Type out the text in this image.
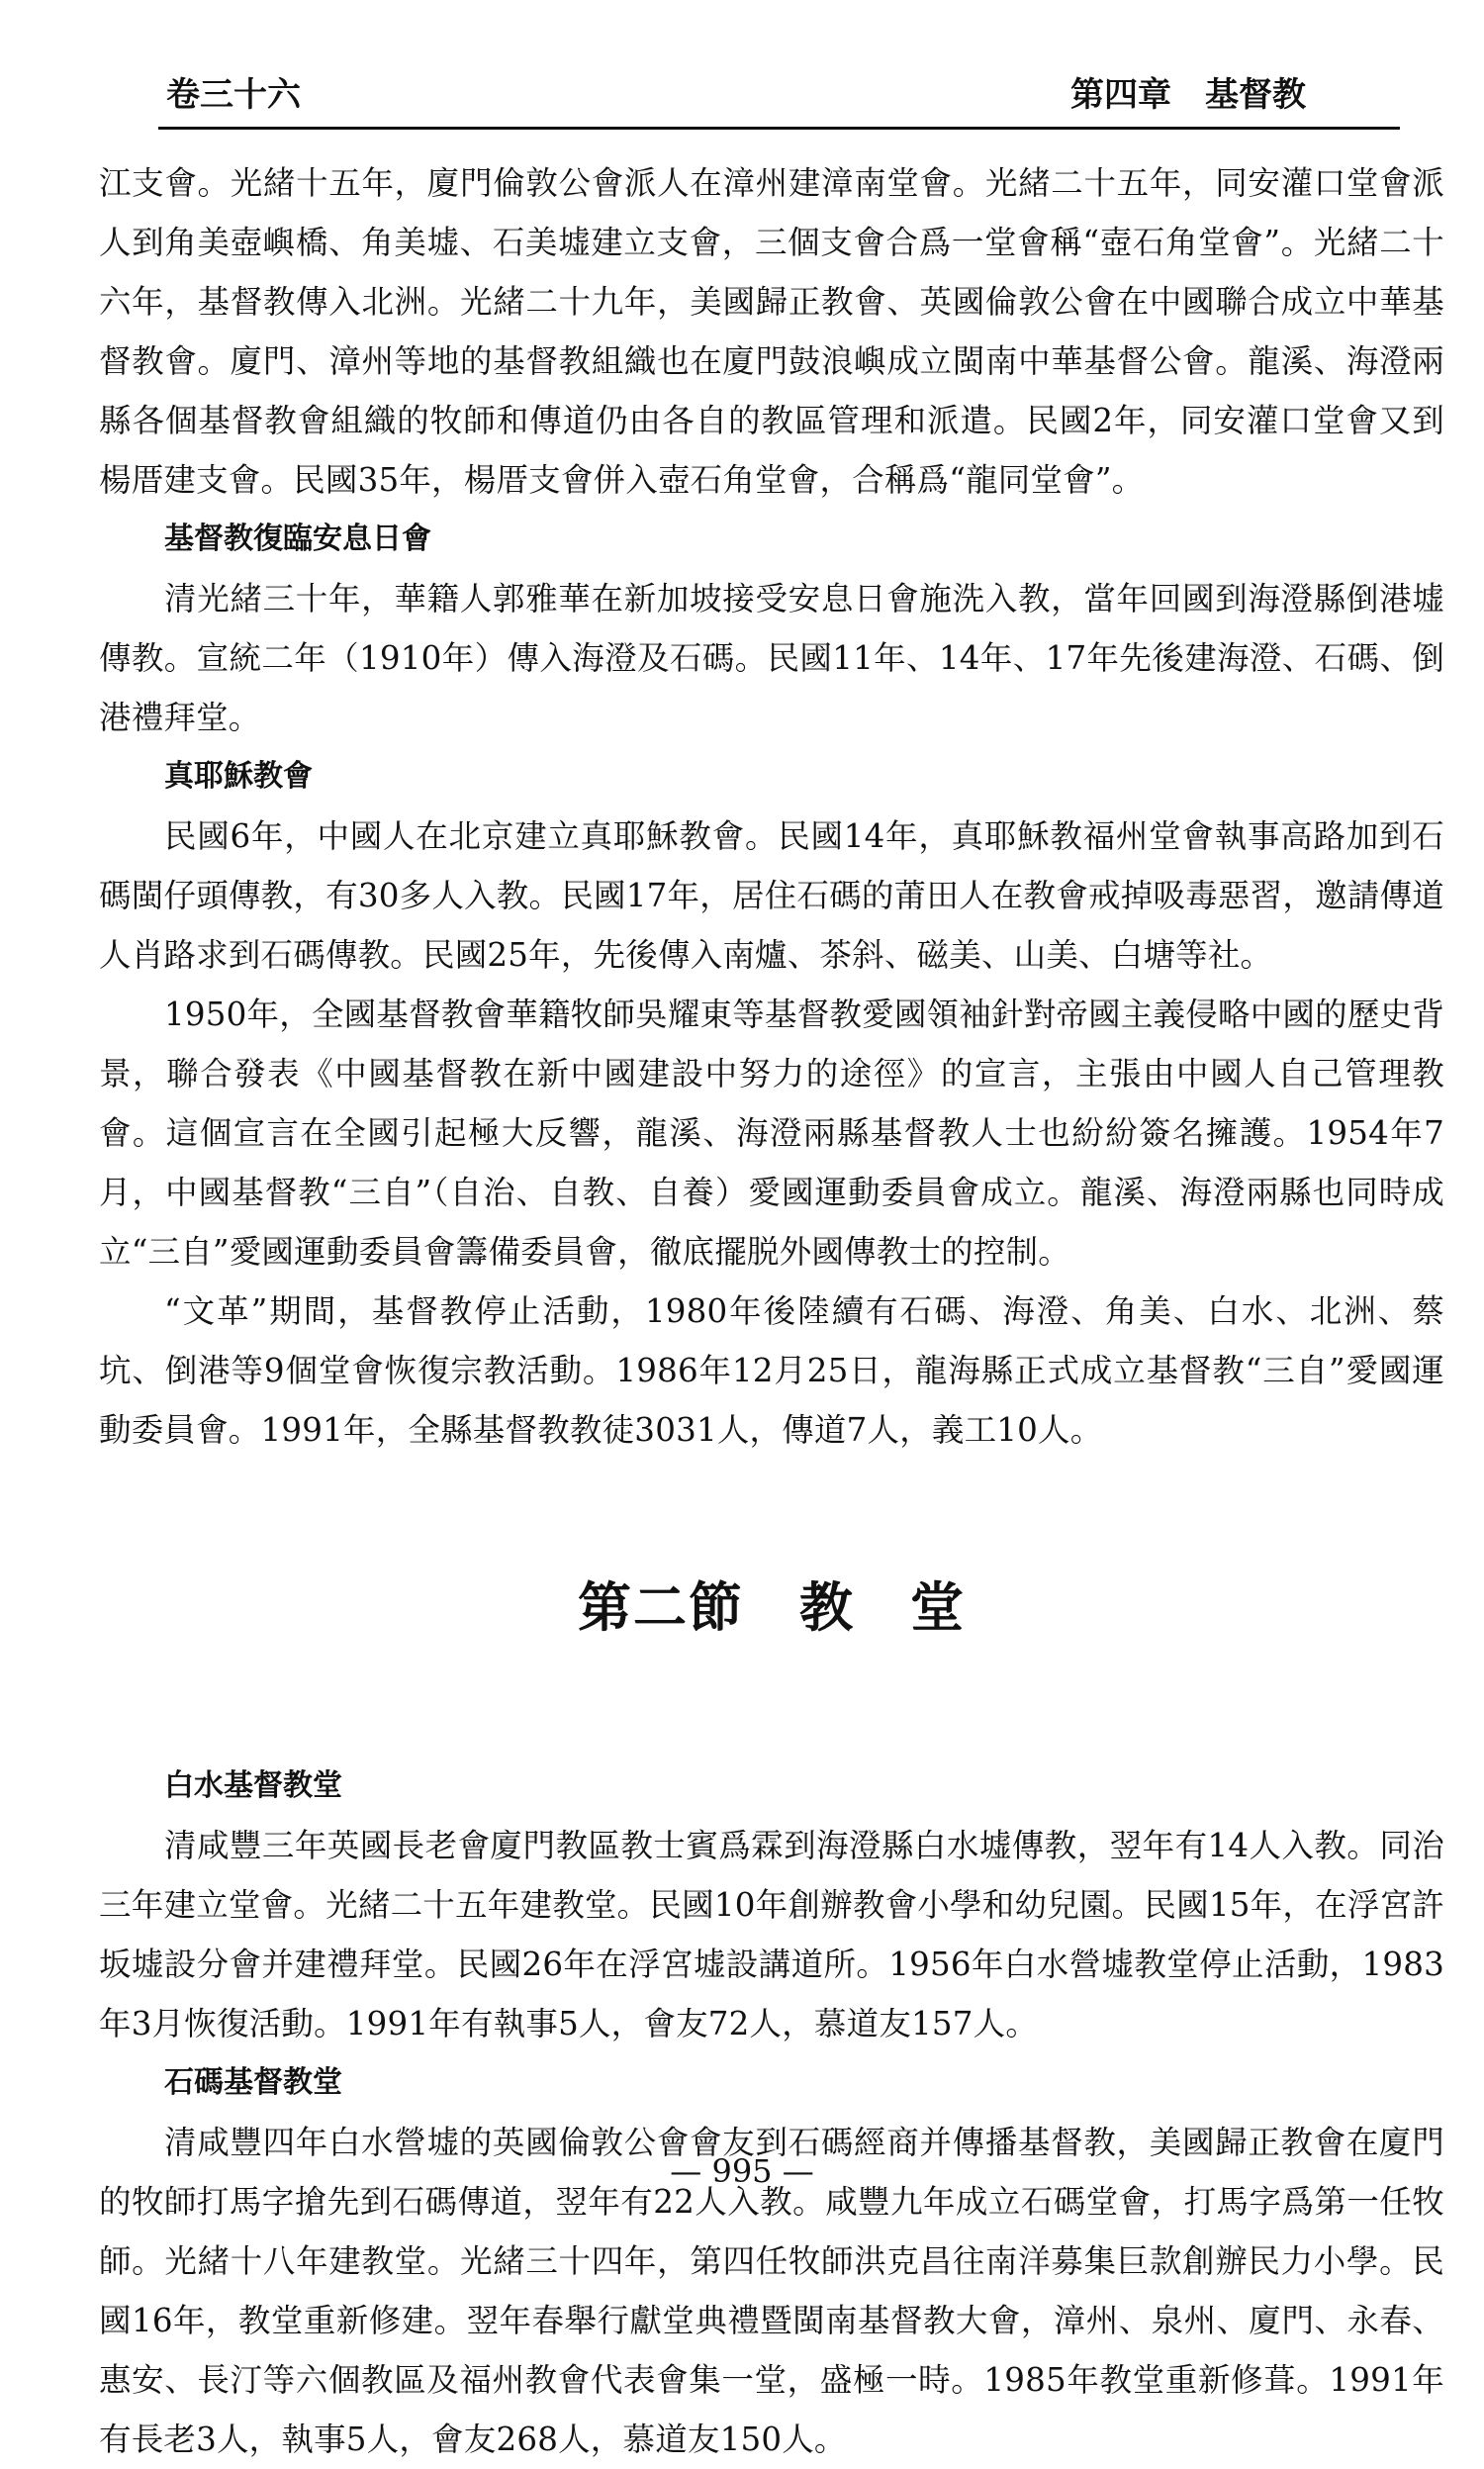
卷三十六	第四章　基督教

江支會。光緒十五年，廈門倫敦公會派人在漳州建漳南堂會。光緒二十五年，同安灌口堂會派人到角美壺嶼橋、角美墟、石美墟建立支會，三個支會合爲一堂會稱“壺石角堂會”。光緒二十六年，基督教傳入北洲。光緒二十九年，美國歸正教會、英國倫敦公會在中國聯合成立中華基督教會。廈門、漳州等地的基督教組織也在廈門鼓浪嶼成立閩南中華基督公會。龍溪、海澄兩縣各個基督教會組織的牧師和傳道仍由各自的教區管理和派遣。民國2年，同安灌口堂會又到楊厝建支會。民國35年，楊厝支會併入壺石角堂會，合稱爲“龍同堂會”。

基督教復臨安息日會

清光緒三十年，華籍人郭雅華在新加坡接受安息日會施洗入教，當年回國到海澄縣倒港墟傳教。宣統二年（1910年）傳入海澄及石碼。民國11年、14年、17年先後建海澄、石碼、倒港禮拜堂。

真耶穌教會

民國6年，中國人在北京建立真耶穌教會。民國14年，真耶穌教福州堂會執事高路加到石碼閩仔頭傳教，有30多人入教。民國17年，居住石碼的莆田人在教會戒掉吸毒惡習，邀請傳道人肖路求到石碼傳教。民國25年，先後傳入南爐、茶斜、磁美、山美、白塘等社。

1950年，全國基督教會華籍牧師吳耀東等基督教愛國領袖針對帝國主義侵略中國的歷史背景，聯合發表《中國基督教在新中國建設中努力的途徑》的宣言，主張由中國人自己管理教會。這個宣言在全國引起極大反響，龍溪、海澄兩縣基督教人士也紛紛簽名擁護。1954年7月，中國基督教“三自”（自治、自教、自養）愛國運動委員會成立。龍溪、海澄兩縣也同時成立“三自”愛國運動委員會籌備委員會，徹底擺脱外國傳教士的控制。

“文革”期間，基督教停止活動，1980年後陸續有石碼、海澄、角美、白水、北洲、蔡坑、倒港等9個堂會恢復宗教活動。1986年12月25日，龍海縣正式成立基督教“三自”愛國運動委員會。1991年，全縣基督教教徒3031人，傳道7人，義工10人。

第二節　教　堂
白水基督教堂

清咸豐三年英國長老會廈門教區教士賓爲霖到海澄縣白水墟傳教，翌年有14人入教。同治三年建立堂會。光緒二十五年建教堂。民國10年創辦教會小學和幼兒園。民國15年，在浮宮許坂墟設分會并建禮拜堂。民國26年在浮宮墟設講道所。1956年白水營墟教堂停止活動，1983年3月恢復活動。1991年有執事5人，會友72人，慕道友157人。

石碼基督教堂

清咸豐四年白水營墟的英國倫敦公會會友到石碼經商并傳播基督教，美國歸正教會在廈門的牧師打馬字搶先到石碼傳道，翌年有22人入教。咸豐九年成立石碼堂會，打馬字爲第一任牧師。光緒十八年建教堂。光緒三十四年，第四任牧師洪克昌往南洋募集巨款創辦民力小學。民國16年，教堂重新修建。翌年春舉行獻堂典禮暨閩南基督教大會，漳州、泉州、廈門、永春、惠安、長汀等六個教區及福州教會代表會集一堂，盛極一時。1985年教堂重新修葺。1991年有長老3人，執事5人，會友268人，慕道友150人。

— 995 —
